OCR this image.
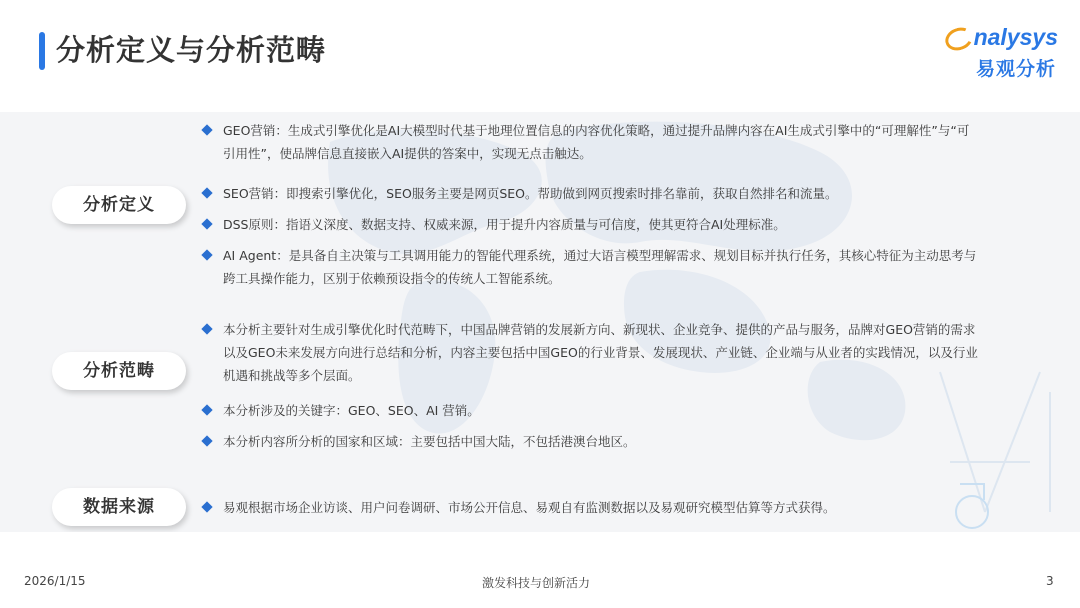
分析定义与分析范畴	nalysys
易观分析
分析定义
分析范畴
数据来源
GEO营销：生成式引擎优化是AI大模型时代基于地理位置信息的内容优化策略，通过提升品牌内容在AI生成式引擎中的“可理解性”与“可引用性”，使品牌信息直接嵌入AI提供的答案中，实现无点击触达。
SEO营销：即搜索引擎优化，SEO服务主要是网页SEO。帮助做到网页搜索时排名靠前，获取自然排名和流量。
DSS原则：指语义深度、数据支持、权威来源，用于提升内容质量与可信度，使其更符合AI处理标准。
AI Agent：是具备自主决策与工具调用能力的智能代理系统，通过大语言模型理解需求、规划目标并执行任务，其核心特征为主动思考与跨工具操作能力，区别于依赖预设指令的传统人工智能系统。
本分析主要针对生成引擎优化时代范畴下，中国品牌营销的发展新方向、新现状、企业竞争、提供的产品与服务，品牌对GEO营销的需求以及GEO未来发展方向进行总结和分析，内容主要包括中国GEO的行业背景、发展现状、产业链、企业端与从业者的实践情况，以及行业机遇和挑战等多个层面。
本分析涉及的关键字：GEO、SEO、AI 营销。
本分析内容所分析的国家和区域：主要包括中国大陆，不包括港澳台地区。
易观根据市场企业访谈、用户问卷调研、市场公开信息、易观自有监测数据以及易观研究模型估算等方式获得。
2026/1/15	激发科技与创新活力	3
